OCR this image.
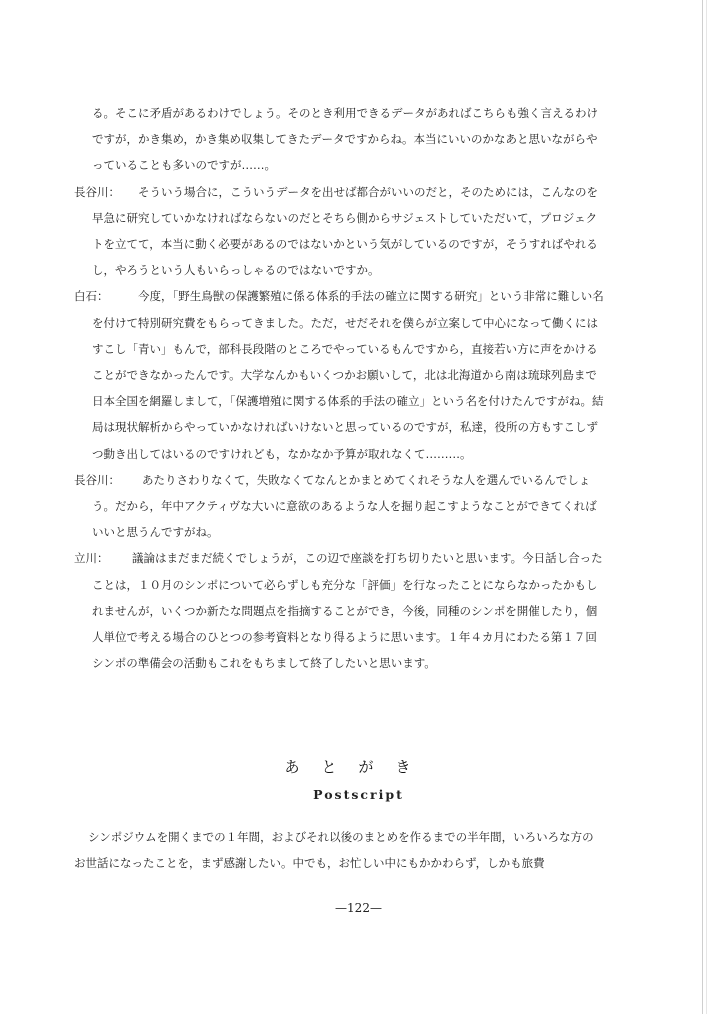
る。そこに矛盾があるわけでしょう。そのとき利用できるデータがあればこちらも強く言えるわけですが，かき集め，かき集め収集してきたデータですからね。本当にいいのかなあと思いながらやっていることも多いのですが……。

長谷川：	そういう場合に，こういうデータを出せば都合がいいのだと，そのためには，こんなのを早急に研究していかなければならないのだとそちら側からサジェストしていただいて，プロジェクトを立てて，本当に動く必要があるのではないかという気がしているのですが，そうすればやれるし，やろうという人もいらっしゃるのではないですか。
白石：	今度，「野生鳥獣の保護繁殖に係る体系的手法の確立に関する研究」という非常に難しい名を付けて特別研究費をもらってきました。ただ，せだそれを僕らが立案して中心になって働くにはすこし「青い」もんで，部科長段階のところでやっているもんですから，直接若い方に声をかけることができなかったんです。大学なんかもいくつかお願いして，北は北海道から南は琉球列島まで日本全国を網羅しまして，「保護増殖に関する体系的手法の確立」という名を付けたんですがね。結局は現状解析からやっていかなければいけないと思っているのですが，私達，役所の方もすこしずつ動き出してはいるのですけれども，なかなか予算が取れなくて………。
長谷川：	あたりさわりなくて，失敗なくてなんとかまとめてくれそうな人を選んでいるんでしょう。だから，年中アクティヴな大いに意欲のあるような人を掘り起こすようなことができてくればいいと思うんですがね。
立川：	議論はまだまだ続くでしょうが，この辺で座談を打ち切りたいと思います。今日話し合ったことは，１０月のシンポについて必らずしも充分な「評価」を行なったことにならなかったかもしれませんが，いくつか新たな問題点を指摘することができ，今後，同種のシンポを開催したり，個人単位で考える場合のひとつの参考資料となり得るように思います。１年４カ月にわたる第１７回シンポの準備会の活動もこれをもちまして終了したいと思います。
あとがき
Postscript

シンポジウムを開くまでの１年間，およびそれ以後のまとめを作るまでの半年間，いろいろな方のお世話になったことを，まず感謝したい。中でも，お忙しい中にもかかわらず，しかも旅費

—122—
